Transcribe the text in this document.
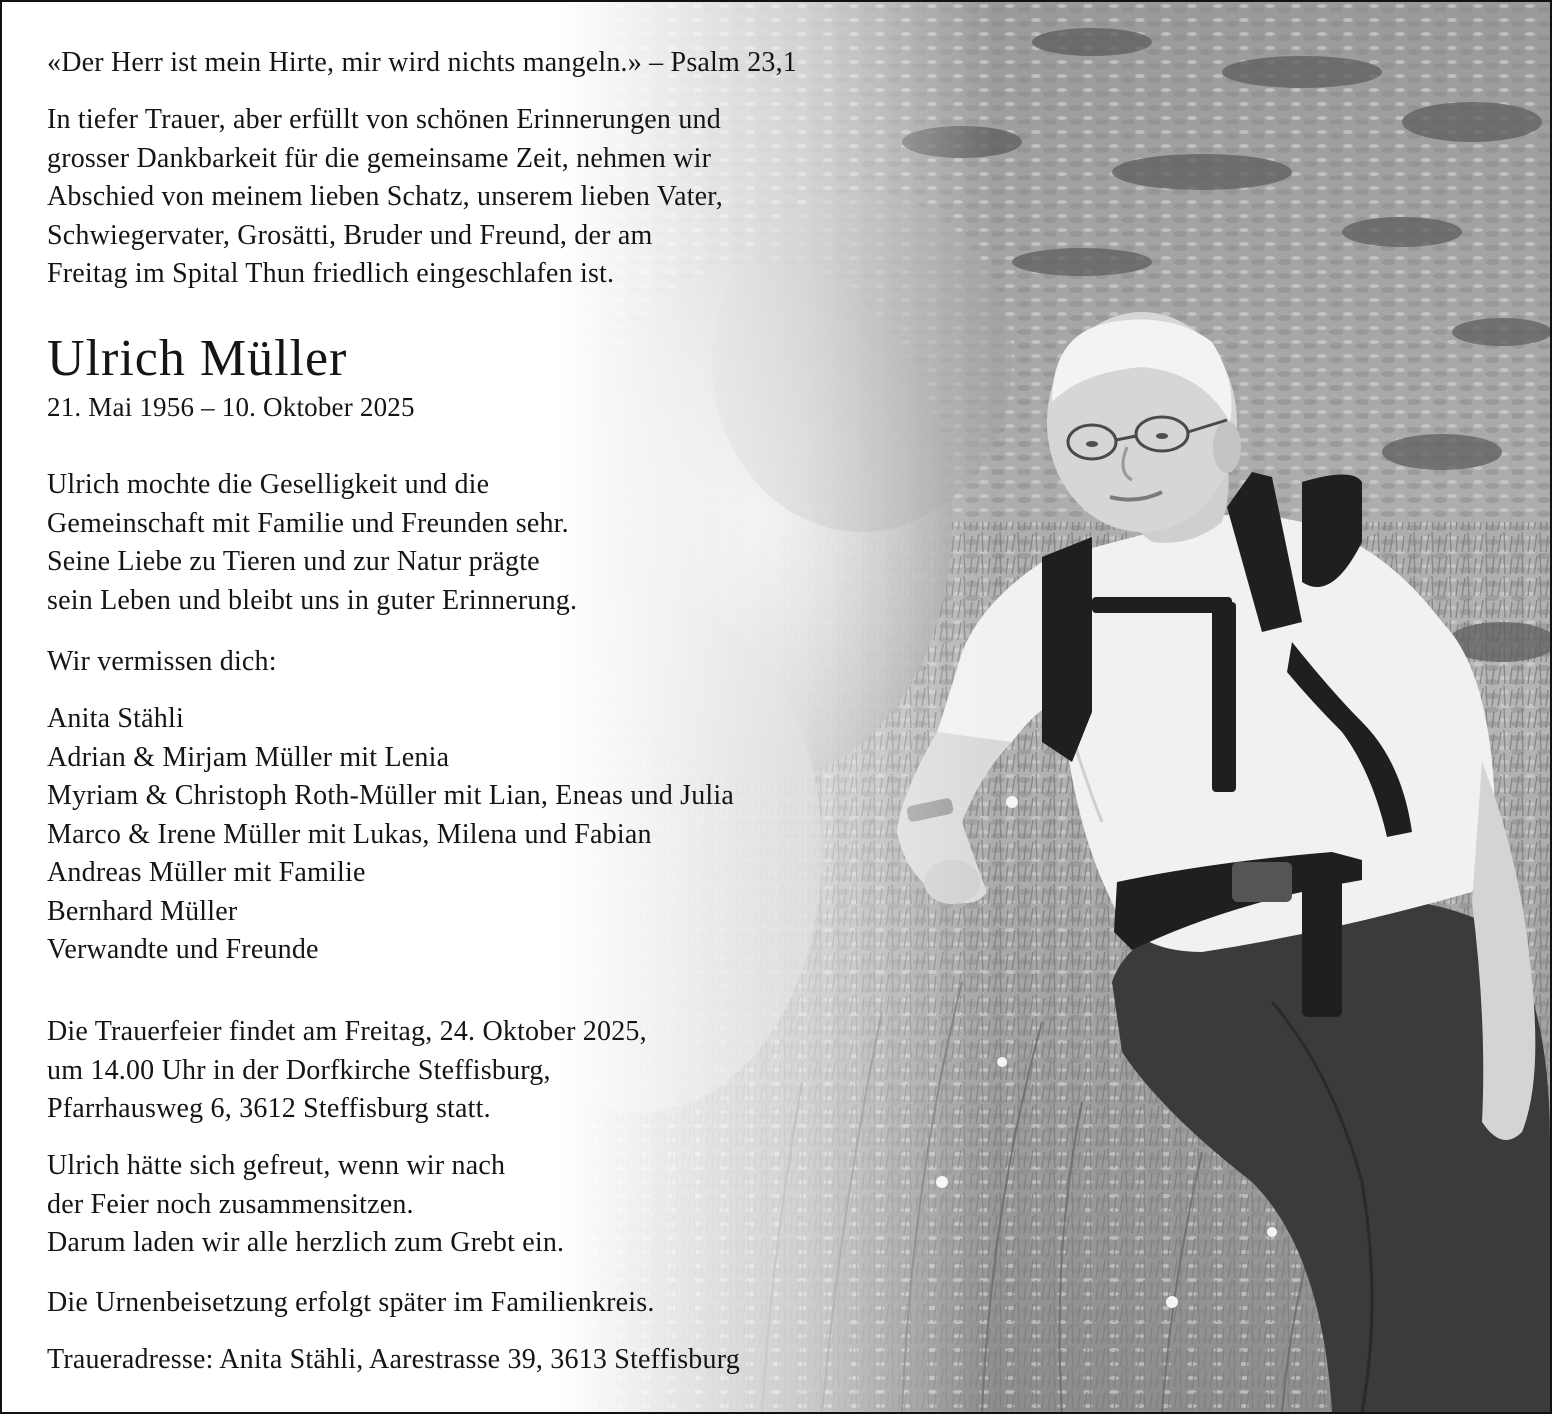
«Der Herr ist mein Hirte, mir wird nichts mangeln.» – Psalm 23,1
In tiefer Trauer, aber erfüllt von schönen Erinnerungen und
grosser Dankbarkeit für die gemeinsame Zeit, nehmen wir
Abschied von meinem lieben Schatz, unserem lieben Vater,
Schwiegervater, Grosätti, Bruder und Freund, der am
Freitag im Spital Thun friedlich eingeschlafen ist.
Ulrich Müller
21. Mai 1956 – 10. Oktober 2025
Ulrich mochte die Geselligkeit und die
Gemeinschaft mit Familie und Freunden sehr.
Seine Liebe zu Tieren und zur Natur prägte
sein Leben und bleibt uns in guter Erinnerung.
Wir vermissen dich:
Anita Stähli
Adrian & Mirjam Müller mit Lenia
Myriam & Christoph Roth-Müller mit Lian, Eneas und Julia
Marco & Irene Müller mit Lukas, Milena und Fabian
Andreas Müller mit Familie
Bernhard Müller
Verwandte und Freunde
Die Trauerfeier findet am Freitag, 24. Oktober 2025,
um 14.00 Uhr in der Dorfkirche Steffisburg,
Pfarrhausweg 6, 3612 Steffisburg statt.
Ulrich hätte sich gefreut, wenn wir nach
der Feier noch zusammensitzen.
Darum laden wir alle herzlich zum Grebt ein.
Die Urnenbeisetzung erfolgt später im Familienkreis.
Traueradresse: Anita Stähli, Aarestrasse 39, 3613 Steffisburg
